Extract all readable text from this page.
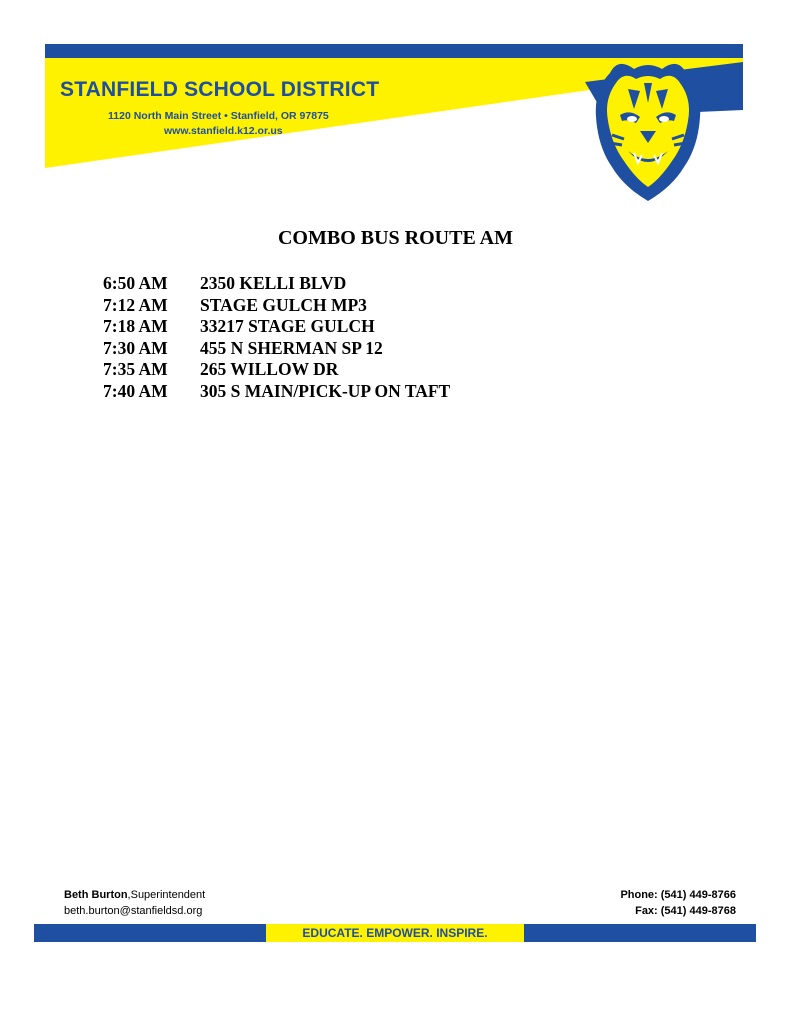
STANFIELD SCHOOL DISTRICT
1120 North Main Street • Stanfield, OR 97875
www.stanfield.k12.or.us
COMBO BUS ROUTE AM
6:50 AM	2350 KELLI BLVD
7:12 AM	STAGE GULCH MP3
7:18 AM	33217 STAGE GULCH
7:30 AM	455 N SHERMAN SP 12
7:35 AM	265 WILLOW DR
7:40 AM	305 S MAIN/PICK-UP ON TAFT
Beth Burton,Superintendent
beth.burton@stanfieldsd.org
Phone: (541) 449-8766
Fax: (541) 449-8768
EDUCATE. EMPOWER. INSPIRE.
